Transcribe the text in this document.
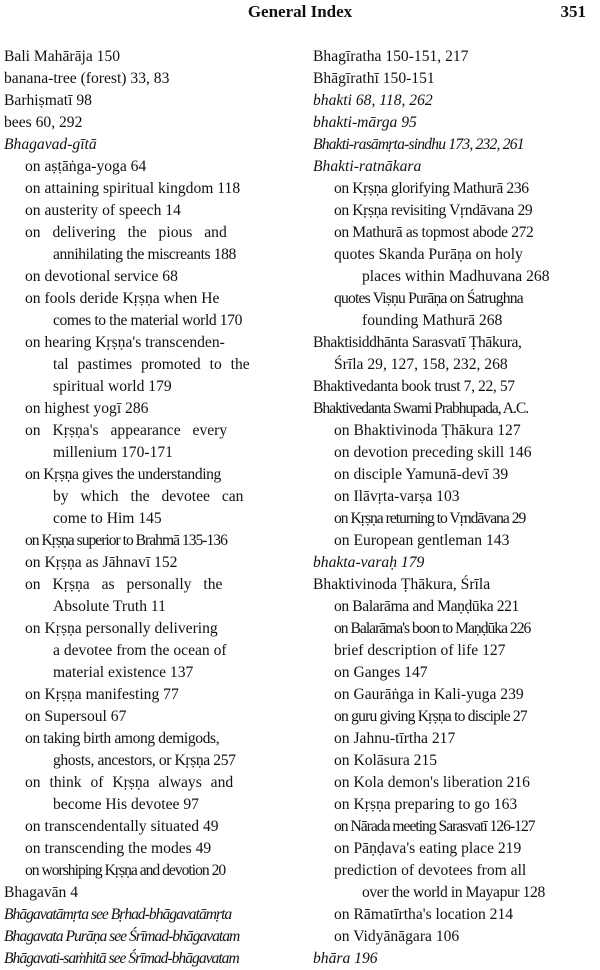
General Index	351
Bali Mahārāja 150
banana-tree (forest) 33, 83
Barhiṣmatī 98
bees 60, 292
Bhagavad-gītā
on aṣṭāṅga-yoga 64
on attaining spiritual kingdom 118
on austerity of speech 14
on delivering the pious and
annihilating the miscreants 188
on devotional service 68
on fools deride Kṛṣṇa when He
comes to the material world 170
on hearing Kṛṣṇa's transcenden-
tal pastimes promoted to the
spiritual world 179
on highest yogī 286
on Kṛṣṇa's appearance every
millenium 170-171
on Kṛṣṇa gives the understanding
by which the devotee can
come to Him 145
on Kṛṣṇa superior to Brahmā 135-136
on Kṛṣṇa as Jāhnavī 152
on Kṛṣṇa as personally the
Absolute Truth 11
on Kṛṣṇa personally delivering
a devotee from the ocean of
material existence 137
on Kṛṣṇa manifesting 77
on Supersoul 67
on taking birth among demigods,
ghosts, ancestors, or Kṛṣṇa 257
on think of Kṛṣṇa always and
become His devotee 97
on transcendentally situated 49
on transcending the modes 49
on worshiping Kṛṣṇa and devotion 20
Bhagavān 4
Bhāgavatāmṛta see Bṛhad-bhāgavatāmṛta
Bhagavata Purāṇa see Śrīmad-bhāgavatam
Bhāgavati-saṁhitā see Śrīmad-bhāgavatam
Bhagīratha 150-151, 217
Bhāgīrathī 150-151
bhakti 68, 118, 262
bhakti-mārga 95
Bhakti-rasāmṛta-sindhu 173, 232, 261
Bhakti-ratnākara
on Kṛṣṇa glorifying Mathurā 236
on Kṛṣṇa revisiting Vṛndāvana 29
on Mathurā as topmost abode 272
quotes Skanda Purāṇa on holy
places within Madhuvana 268
quotes Viṣṇu Purāṇa on Śatrughna
founding Mathurā 268
Bhaktisiddhānta Sarasvatī Ṭhākura,
Śrīla 29, 127, 158, 232, 268
Bhaktivedanta book trust 7, 22, 57
Bhaktivedanta Swami Prabhupada, A.C.
on Bhaktivinoda Ṭhākura 127
on devotion preceding skill 146
on disciple Yamunā-devī 39
on Ilāvṛta-varṣa 103
on Kṛṣṇa returning to Vṛndāvana 29
on European gentleman 143
bhakta-varaḥ 179
Bhaktivinoda Ṭhākura, Śrīla
on Balarāma and Maṇḍūka 221
on Balarāma's boon to Maṇḍūka 226
brief description of life 127
on Ganges 147
on Gaurāṅga in Kali-yuga 239
on guru giving Kṛṣṇa to disciple 27
on Jahnu-tīrtha 217
on Kolāsura 215
on Kola demon's liberation 216
on Kṛṣṇa preparing to go 163
on Nārada meeting Sarasvatī 126-127
on Pāṇḍava's eating place 219
prediction of devotees from all
over the world in Mayapur 128
on Rāmatīrtha's location 214
on Vidyānāgara 106
bhāra 196
